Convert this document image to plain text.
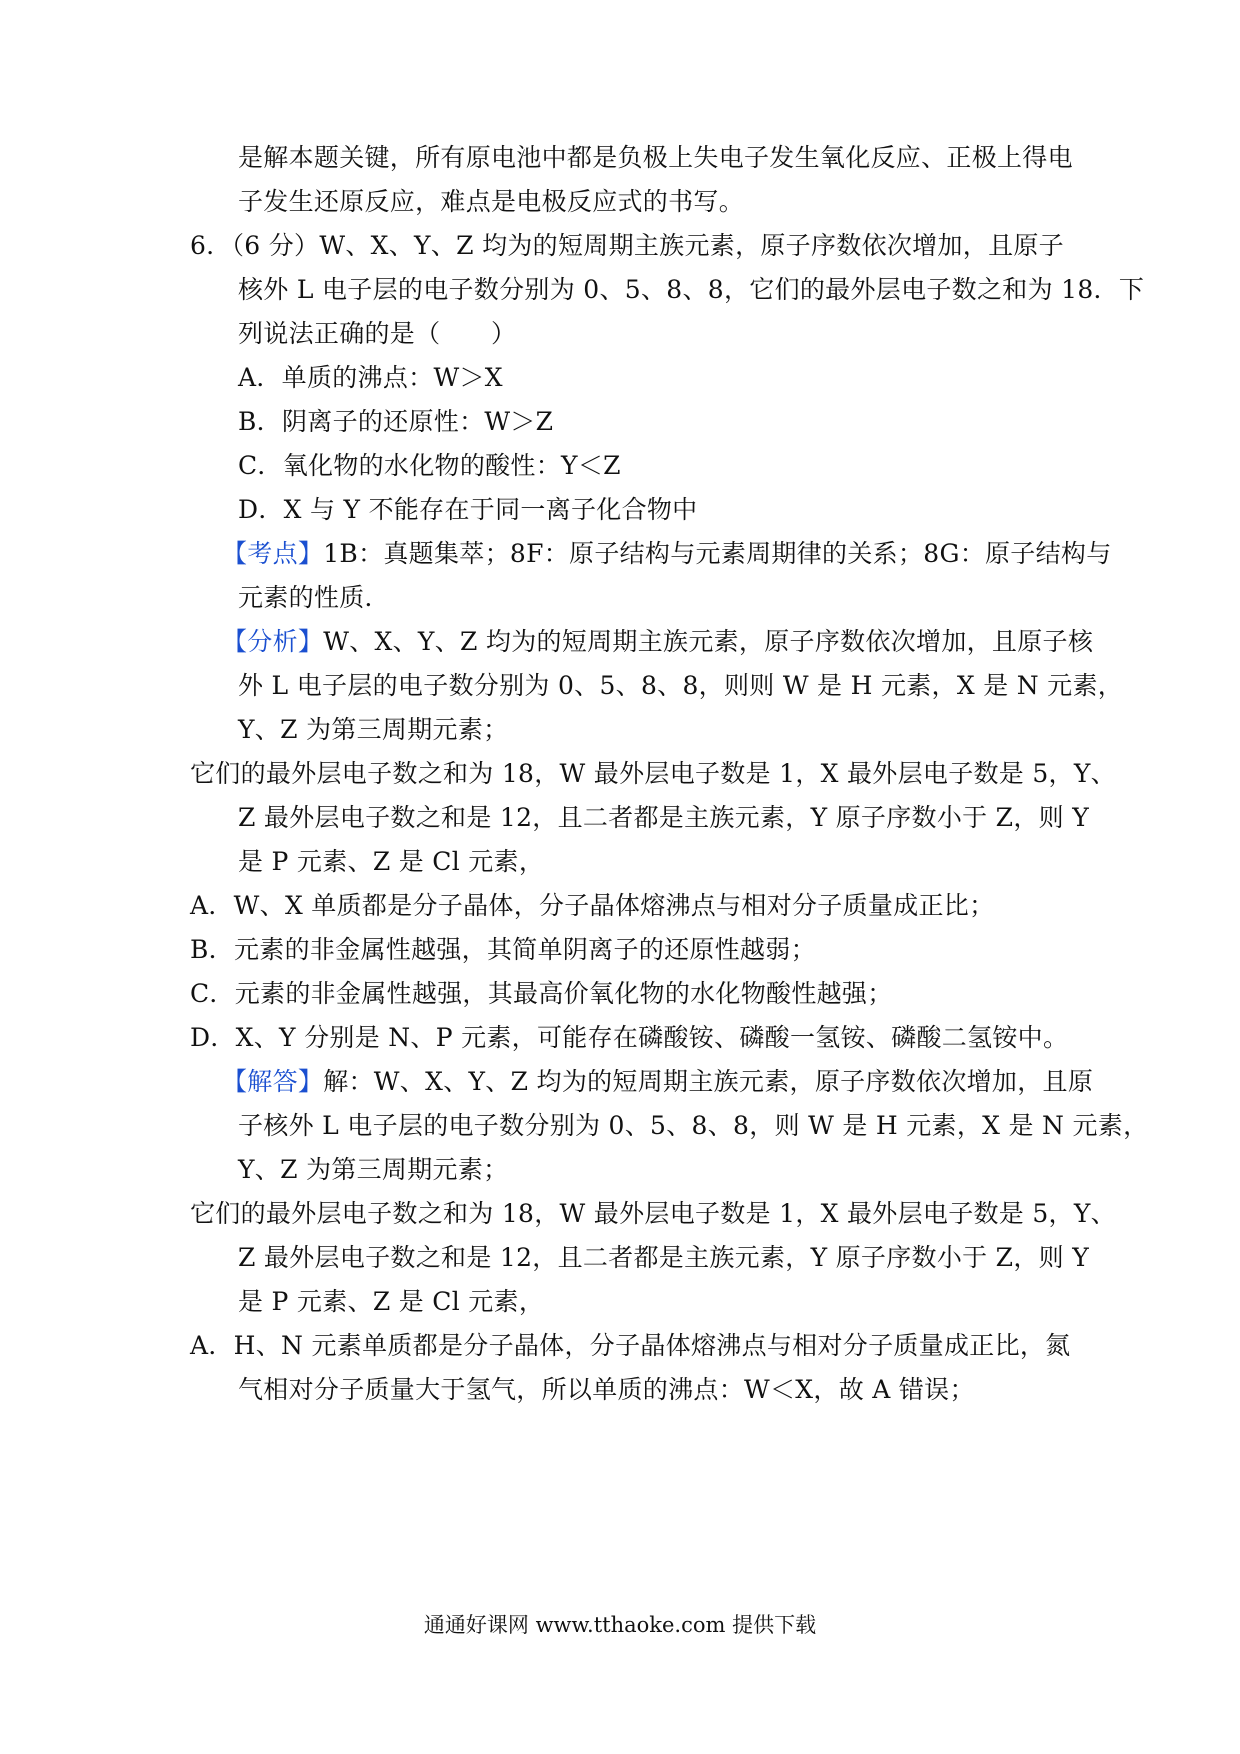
是解本题关键，所有原电池中都是负极上失电子发生氧化反应、正极上得电
子发生还原反应，难点是电极反应式的书写。
6．（6 分）W、X、Y、Z 均为的短周期主族元素，原子序数依次增加，且原子
核外 L 电子层的电子数分别为 0、5、8、8，它们的最外层电子数之和为 18．下
列说法正确的是（　　）
A．单质的沸点：W＞X
B．阴离子的还原性：W＞Z
C．氧化物的水化物的酸性：Y＜Z
D．X 与 Y 不能存在于同一离子化合物中
【考点】1B：真题集萃；8F：原子结构与元素周期律的关系；8G：原子结构与
元素的性质．
【分析】W、X、Y、Z 均为的短周期主族元素，原子序数依次增加，且原子核
外 L 电子层的电子数分别为 0、5、8、8，则则 W 是 H 元素，X 是 N 元素，
Y、Z 为第三周期元素；
它们的最外层电子数之和为 18，W 最外层电子数是 1，X 最外层电子数是 5，Y、
Z 最外层电子数之和是 12，且二者都是主族元素，Y 原子序数小于 Z，则 Y
是 P 元素、Z 是 Cl 元素，
A．W、X 单质都是分子晶体，分子晶体熔沸点与相对分子质量成正比；
B．元素的非金属性越强，其简单阴离子的还原性越弱；
C．元素的非金属性越强，其最高价氧化物的水化物酸性越强；
D．X、Y 分别是 N、P 元素，可能存在磷酸铵、磷酸一氢铵、磷酸二氢铵中。
【解答】解：W、X、Y、Z 均为的短周期主族元素，原子序数依次增加，且原
子核外 L 电子层的电子数分别为 0、5、8、8，则 W 是 H 元素，X 是 N 元素，
Y、Z 为第三周期元素；
它们的最外层电子数之和为 18，W 最外层电子数是 1，X 最外层电子数是 5，Y、
Z 最外层电子数之和是 12，且二者都是主族元素，Y 原子序数小于 Z，则 Y
是 P 元素、Z 是 Cl 元素，
A．H、N 元素单质都是分子晶体，分子晶体熔沸点与相对分子质量成正比，氮
气相对分子质量大于氢气，所以单质的沸点：W＜X，故 A 错误；
通通好课网 www.tthaoke.com 提供下载
